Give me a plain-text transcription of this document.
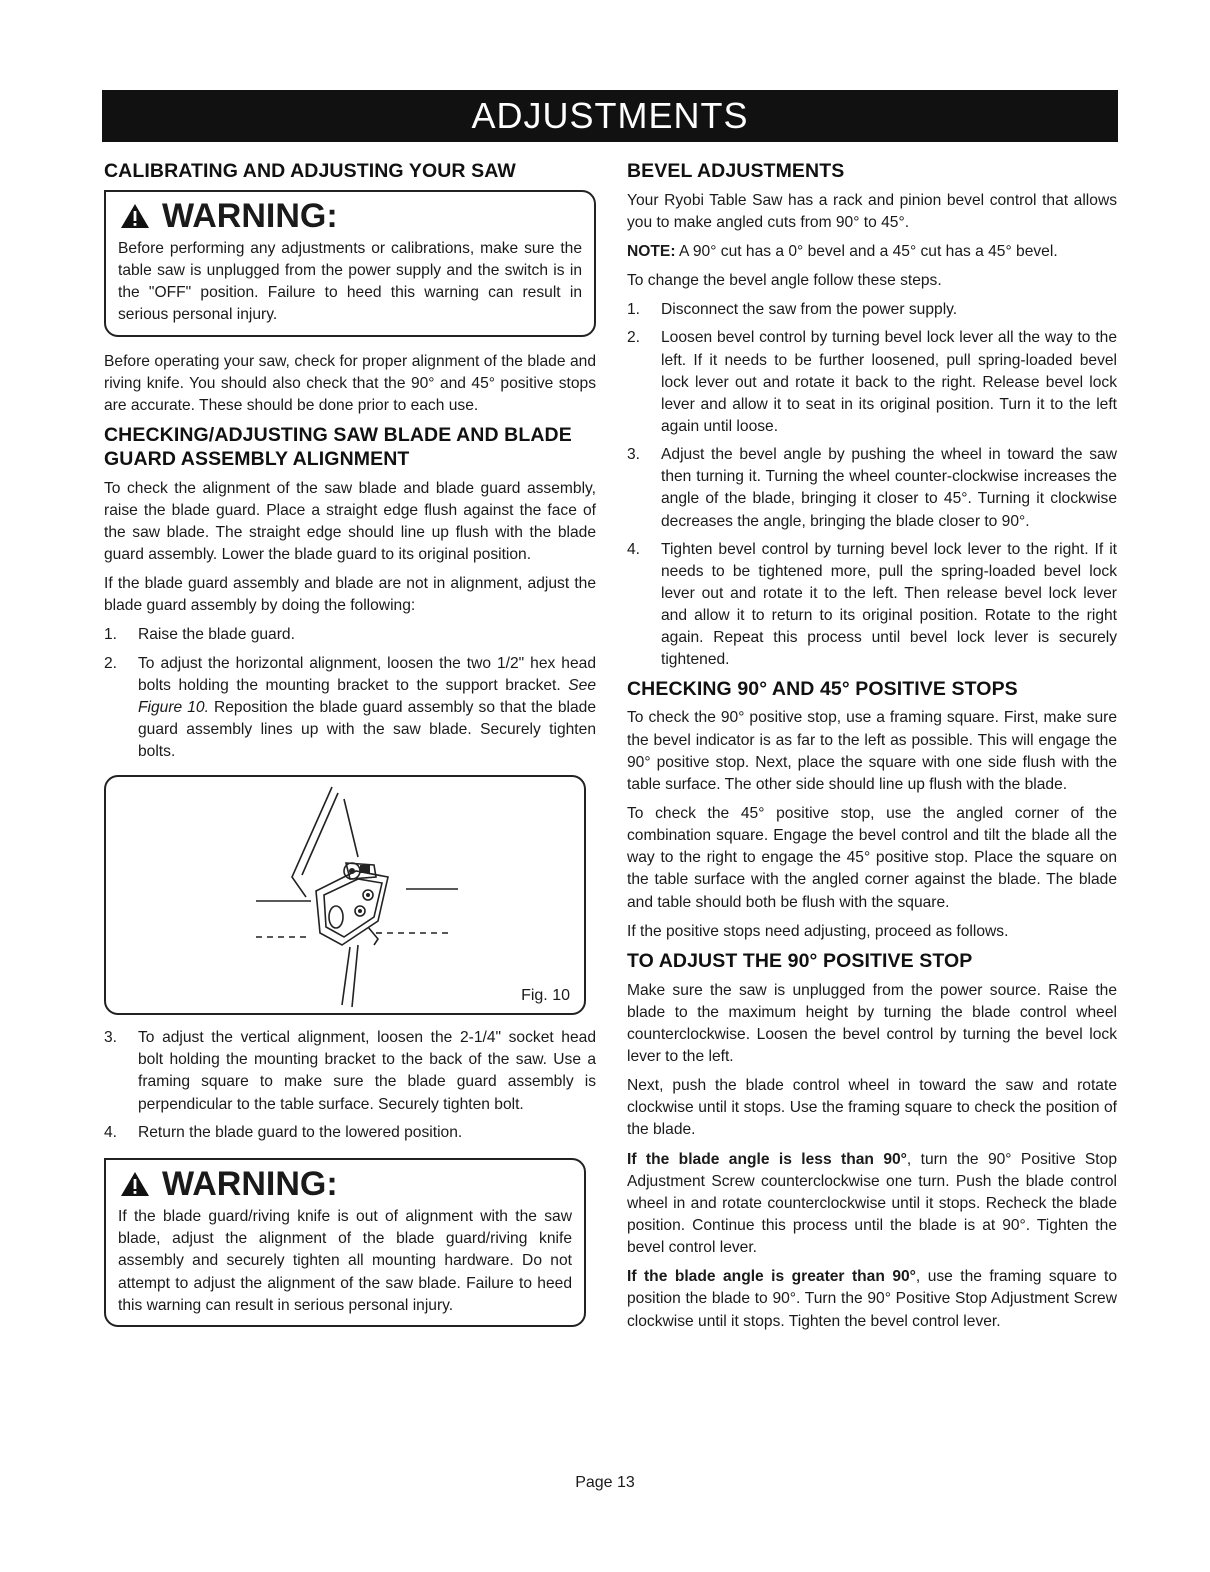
ADJUSTMENTS
CALIBRATING AND ADJUSTING YOUR SAW
WARNING:

Before performing any adjustments or calibrations, make sure the table saw is unplugged from the power supply and the switch is in the "OFF" position. Failure to heed this warning can result in serious personal injury.

Before operating your saw, check for proper alignment of the blade and riving knife. You should also check that the 90° and 45° positive stops are accurate. These should be done prior to each use.

CHECKING/ADJUSTING SAW BLADE AND BLADE GUARD ASSEMBLY ALIGNMENT

To check the alignment of the saw blade and blade guard assembly, raise the blade guard. Place a straight edge flush against the face of the saw blade. The straight edge should line up flush with the blade guard assembly. Lower the blade guard to its original position.

If the blade guard assembly and blade are not in alignment, adjust the blade guard assembly by doing the following:

1. Raise the blade guard.
2. To adjust the horizontal alignment, loosen the two 1/2" hex head bolts holding the mounting bracket to the support bracket. See Figure 10. Reposition the blade guard assembly so that the blade guard assembly lines up with the saw blade. Securely tighten bolts.
Fig. 10
3. To adjust the vertical alignment, loosen the 2-1/4" socket head bolt holding the mounting bracket to the back of the saw. Use a framing square to make sure the blade guard assembly is perpendicular to the table surface. Securely tighten bolt.
4. Return the blade guard to the lowered position.
WARNING:

If the blade guard/riving knife is out of alignment with the saw blade, adjust the alignment of the blade guard/riving knife assembly and securely tighten all mounting hardware. Do not attempt to adjust the alignment of the saw blade. Failure to heed this warning can result in serious personal injury.

BEVEL ADJUSTMENTS

Your Ryobi Table Saw has a rack and pinion bevel control that allows you to make angled cuts from 90° to 45°.

NOTE: A 90° cut has a 0° bevel and a 45° cut has a 45° bevel.

To change the bevel angle follow these steps.

1. Disconnect the saw from the power supply.
2. Loosen bevel control by turning bevel lock lever all the way to the left. If it needs to be further loosened, pull spring-loaded bevel lock lever out and rotate it back to the right. Release bevel lock lever and allow it to seat in its original position. Turn it to the left again until loose.
3. Adjust the bevel angle by pushing the wheel in toward the saw then turning it. Turning the wheel counter-clockwise increases the angle of the blade, bringing it closer to 45°. Turning it clockwise decreases the angle, bringing the blade closer to 90°.
4. Tighten bevel control by turning bevel lock lever to the right. If it needs to be tightened more, pull the spring-loaded bevel lock lever out and rotate it to the left. Then release bevel lock lever and allow it to return to its original position. Rotate to the right again. Repeat this process until bevel lock lever is securely tightened.
CHECKING 90° AND 45° POSITIVE STOPS

To check the 90° positive stop, use a framing square. First, make sure the bevel indicator is as far to the left as possible. This will engage the 90° positive stop. Next, place the square with one side flush with the table surface. The other side should line up flush with the blade.

To check the 45° positive stop, use the angled corner of the combination square. Engage the bevel control and tilt the blade all the way to the right to engage the 45° positive stop. Place the square on the table surface with the angled corner against the blade. The blade and table should both be flush with the square.

If the positive stops need adjusting, proceed as follows.

TO ADJUST THE 90° POSITIVE STOP

Make sure the saw is unplugged from the power source. Raise the blade to the maximum height by turning the blade control wheel counterclockwise. Loosen the bevel control by turning the bevel lock lever to the left.

Next, push the blade control wheel in toward the saw and rotate clockwise until it stops. Use the framing square to check the position of the blade.

If the blade angle is less than 90°, turn the 90° Positive Stop Adjustment Screw counterclockwise one turn. Push the blade control wheel in and rotate counterclockwise until it stops. Recheck the blade position. Continue this process until the blade is at 90°. Tighten the bevel control lever.

If the blade angle is greater than 90°, use the framing square to position the blade to 90°. Turn the 90° Positive Stop Adjustment Screw clockwise until it stops. Tighten the bevel control lever.

Page 13
